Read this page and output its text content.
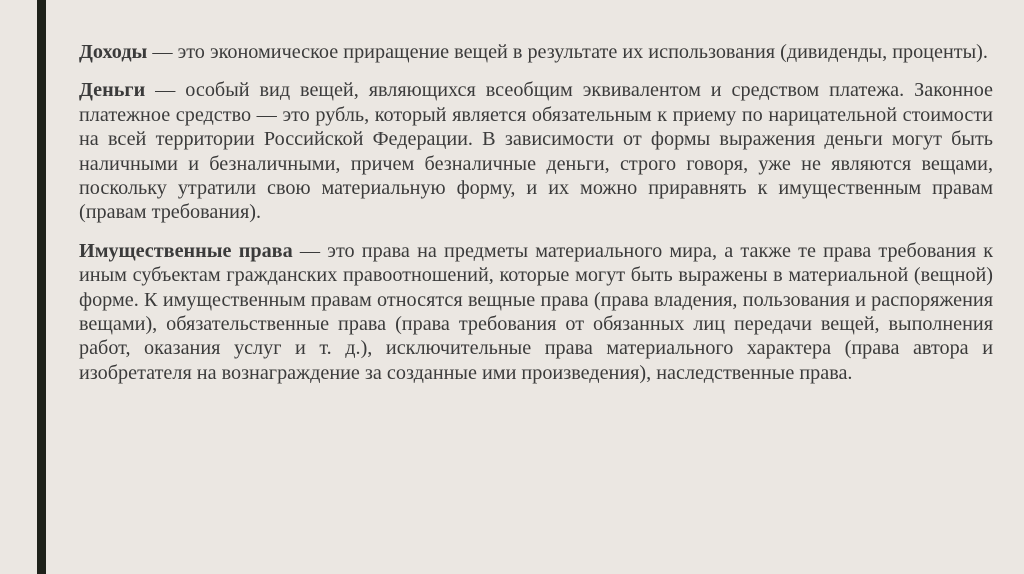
Доходы — это экономическое приращение вещей в результате их использования (дивиденды, проценты).

Деньги — особый вид вещей, являющихся всеобщим эквивалентом и средством платежа. Законное платежное средство — это рубль, который является обязательным к приему по нарицательной стоимости на всей территории Российской Федерации. В зависимости от формы выражения деньги могут быть наличными и безналичными, причем безналичные деньги, строго говоря, уже не являются вещами, поскольку утратили свою материальную форму, и их можно приравнять к имущественным правам (правам требования).

Имущественные права — это права на предметы материального мира, а также те права требования к иным субъектам гражданских правоотношений, которые могут быть выражены в материальной (вещной) форме. К имущественным правам относятся вещные права (права владения, пользования и распоряжения вещами), обязательственные права (права требования от обязанных лиц передачи вещей, выполнения работ, оказания услуг и т. д.), исключительные права материального характера (права автора и изобретателя на вознаграждение за созданные ими произведения), наследственные права.
